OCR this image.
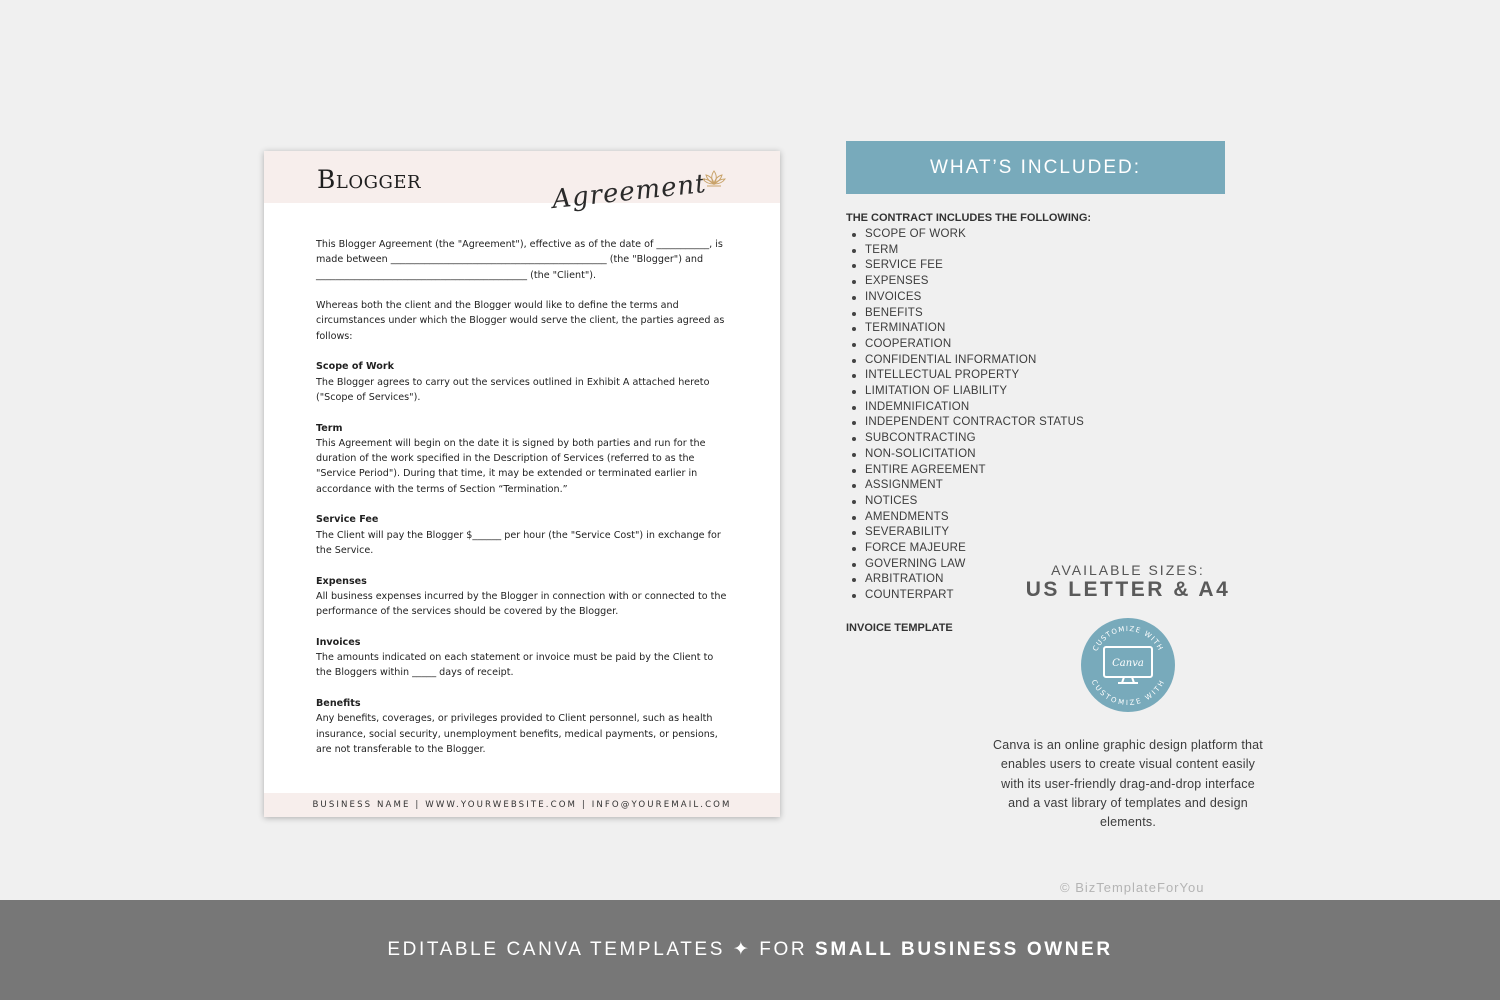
Blogger	Agreement

This Blogger Agreement (the "Agreement"), effective as of the date of ___________, is made between _____________________________________________ (the "Blogger") and ____________________________________________ (the "Client").

Whereas both the client and the Blogger would like to define the terms and circumstances under which the Blogger would serve the client, the parties agreed as follows:

Scope of Work
The Blogger agrees to carry out the services outlined in Exhibit A attached hereto ("Scope of Services").
Term
This Agreement will begin on the date it is signed by both parties and run for the duration of the work specified in the Description of Services (referred to as the "Service Period"). During that time, it may be extended or terminated earlier in accordance with the terms of Section “Termination.”
Service Fee
The Client will pay the Blogger $______ per hour (the "Service Cost") in exchange for the Service.
Expenses
All business expenses incurred by the Blogger in connection with or connected to the performance of the services should be covered by the Blogger.
Invoices
The amounts indicated on each statement or invoice must be paid by the Client to the Bloggers within _____ days of receipt.
Benefits
Any benefits, coverages, or privileges provided to Client personnel, such as health insurance, social security, unemployment benefits, medical payments, or pensions, are not transferable to the Blogger.
BUSINESS NAME | WWW.YOURWEBSITE.COM | INFO@YOUREMAIL.COM
WHAT’S INCLUDED:
THE CONTRACT INCLUDES THE FOLLOWING:
SCOPE OF WORK
TERM
SERVICE FEE
EXPENSES
INVOICES
BENEFITS
TERMINATION
COOPERATION
CONFIDENTIAL INFORMATION
INTELLECTUAL PROPERTY
LIMITATION OF LIABILITY
INDEMNIFICATION
INDEPENDENT CONTRACTOR STATUS
SUBCONTRACTING
NON-SOLICITATION
ENTIRE AGREEMENT
ASSIGNMENT
NOTICES
AMENDMENTS
SEVERABILITY
FORCE MAJEURE
GOVERNING LAW
ARBITRATION
COUNTERPART
INVOICE TEMPLATE
AVAILABLE SIZES:
US LETTER & A4
CUSTOMIZE WITH
CUSTOMIZE WITH
Canva
Canva is an online graphic design platform that enables users to create visual content easily with its user-friendly drag-and-drop interface and a vast library of templates and design elements.
© BizTemplateForYou
EDITABLE CANVA TEMPLATES ✦ FOR SMALL BUSINESS OWNER
